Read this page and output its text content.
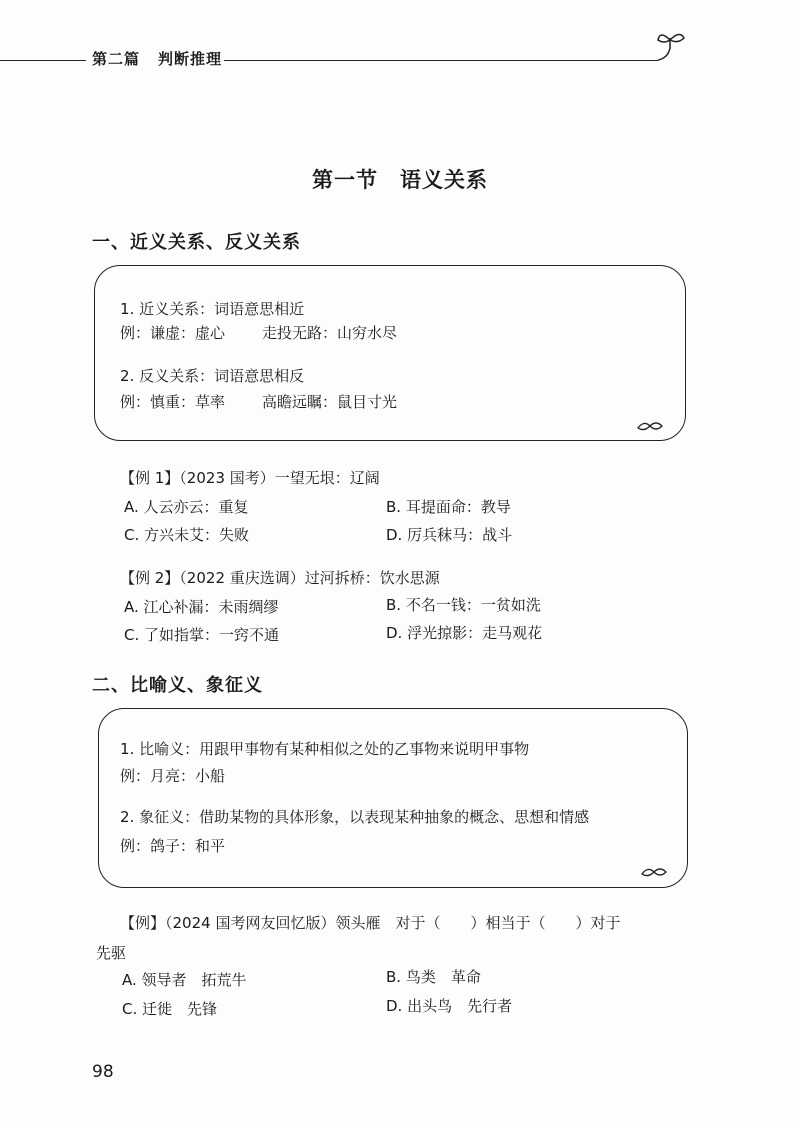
第二篇 判断推理
第一节 语义关系
一、近义关系、反义关系
1. 近义关系：词语意思相近
例：谦虚：虚心 走投无路：山穷水尽
2. 反义关系：词语意思相反
例：慎重：草率 高瞻远瞩：鼠目寸光
【例 1】（2023 国考）一望无垠：辽阔
A. 人云亦云：重复	B. 耳提面命：教导
C. 方兴未艾：失败	D. 厉兵秣马：战斗
【例 2】（2022 重庆选调）过河拆桥：饮水思源
A. 江心补漏：未雨绸缪	B. 不名一钱：一贫如洗
C. 了如指掌：一窍不通	D. 浮光掠影：走马观花
二、比喻义、象征义
1. 比喻义：用跟甲事物有某种相似之处的乙事物来说明甲事物
例：月亮：小船
2. 象征义：借助某物的具体形象，以表现某种抽象的概念、思想和情感
例：鸽子：和平
【例】（2024 国考网友回忆版）领头雁　对于（　　）相当于（　　）对于
先驱
A. 领导者　拓荒牛	B. 鸟类　革命
C. 迁徙　先锋	D. 出头鸟　先行者
98
